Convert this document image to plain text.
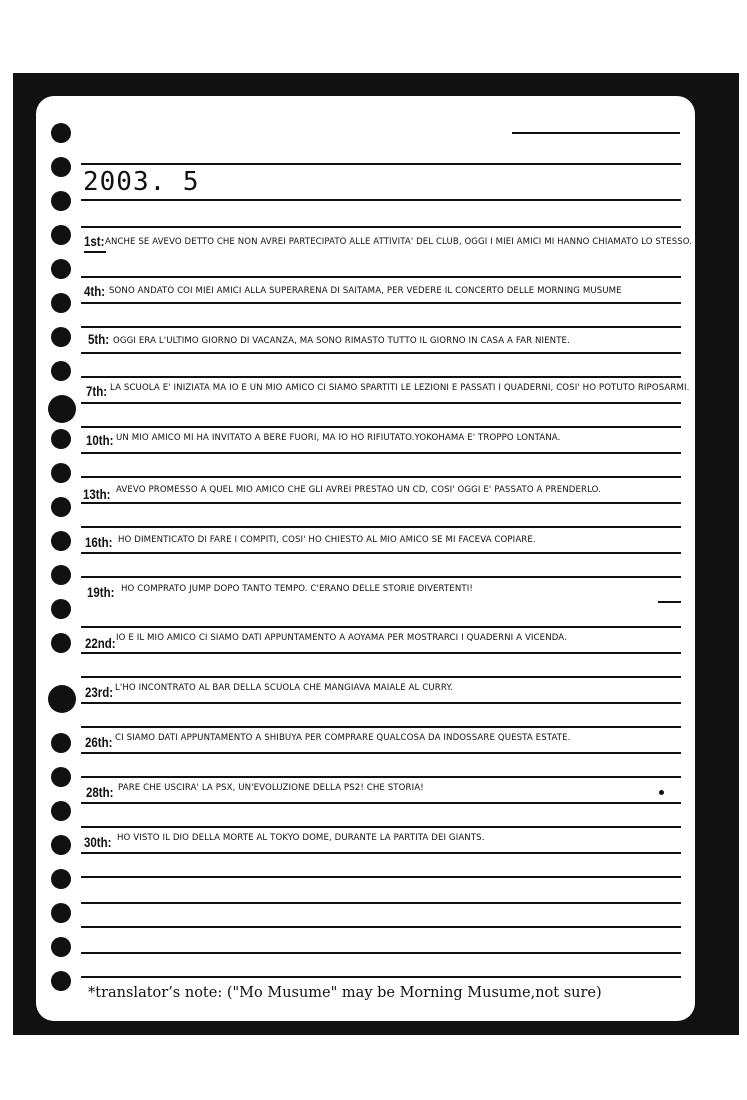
2003. 5
1st: ANCHE SE AVEVO DETTO CHE NON AVREI PARTECIPATO ALLE ATTIVITA' DEL CLUB, OGGI I MIEI AMICI MI HANNO CHIAMATO LO STESSO.
4th: SONO ANDATO COI MIEI AMICI ALLA SUPERARENA DI SAITAMA, PER VEDERE IL CONCERTO DELLE MORNING MUSUME
5th: OGGI ERA L'ULTIMO GIORNO DI VACANZA, MA SONO RIMASTO TUTTO IL GIORNO IN CASA A FAR NIENTE.
7th: LA SCUOLA E' INIZIATA MA IO E UN MIO AMICO CI SIAMO SPARTITI LE LEZIONI E PASSATI I QUADERNI, COSI' HO POTUTO RIPOSARMI.
10th: UN MIO AMICO MI HA INVITATO A BERE FUORI, MA IO HO RIFIUTATO.YOKOHAMA E' TROPPO LONTANA.
13th: AVEVO PROMESSO A QUEL MIO AMICO CHE GLI AVREI PRESTAO UN CD, COSI' OGGI E' PASSATO A PRENDERLO.
16th: HO DIMENTICATO DI FARE I COMPITI, COSI' HO CHIESTO AL MIO AMICO SE MI FACEVA COPIARE.
19th: HO COMPRATO JUMP DOPO TANTO TEMPO. C'ERANO DELLE STORIE DIVERTENTI!
22nd: IO E IL MIO AMICO CI SIAMO DATI APPUNTAMENTO A AOYAMA PER MOSTRARCI I QUADERNI A VICENDA.
23rd: L'HO INCONTRATO AL BAR DELLA SCUOLA CHE MANGIAVA MAIALE AL CURRY.
26th: CI SIAMO DATI APPUNTAMENTO A SHIBUYA PER COMPRARE QUALCOSA DA INDOSSARE QUESTA ESTATE.
28th: PARE CHE USCIRA' LA PSX, UN'EVOLUZIONE DELLA PS2! CHE STORIA!
30th: HO VISTO IL DIO DELLA MORTE AL TOKYO DOME, DURANTE LA PARTITA DEI GIANTS.
*translator’s note: ("Mo Musume" may be Morning Musume,not sure)
